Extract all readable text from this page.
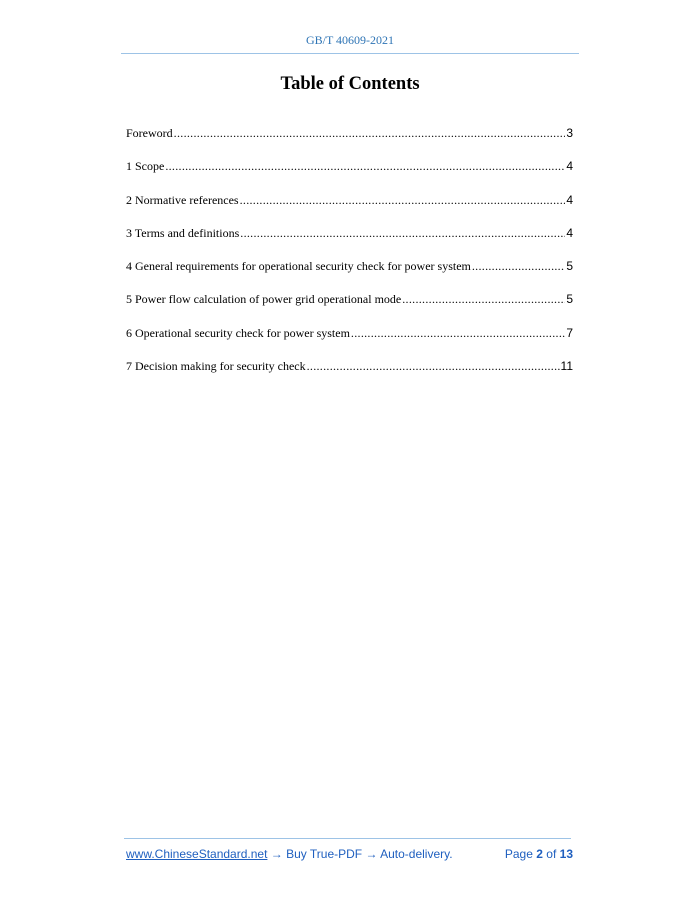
GB/T 40609-2021
Table of Contents
Foreword .....	3
1 Scope .....	4
2 Normative references .....	4
3 Terms and definitions .....	4
4 General requirements for operational security check for power system .....	5
5 Power flow calculation of power grid operational mode .....	5
6 Operational security check for power system .....	7
7 Decision making for security check .....	11
www.ChineseStandard.net → Buy True-PDF → Auto-delivery.	Page 2 of 13
